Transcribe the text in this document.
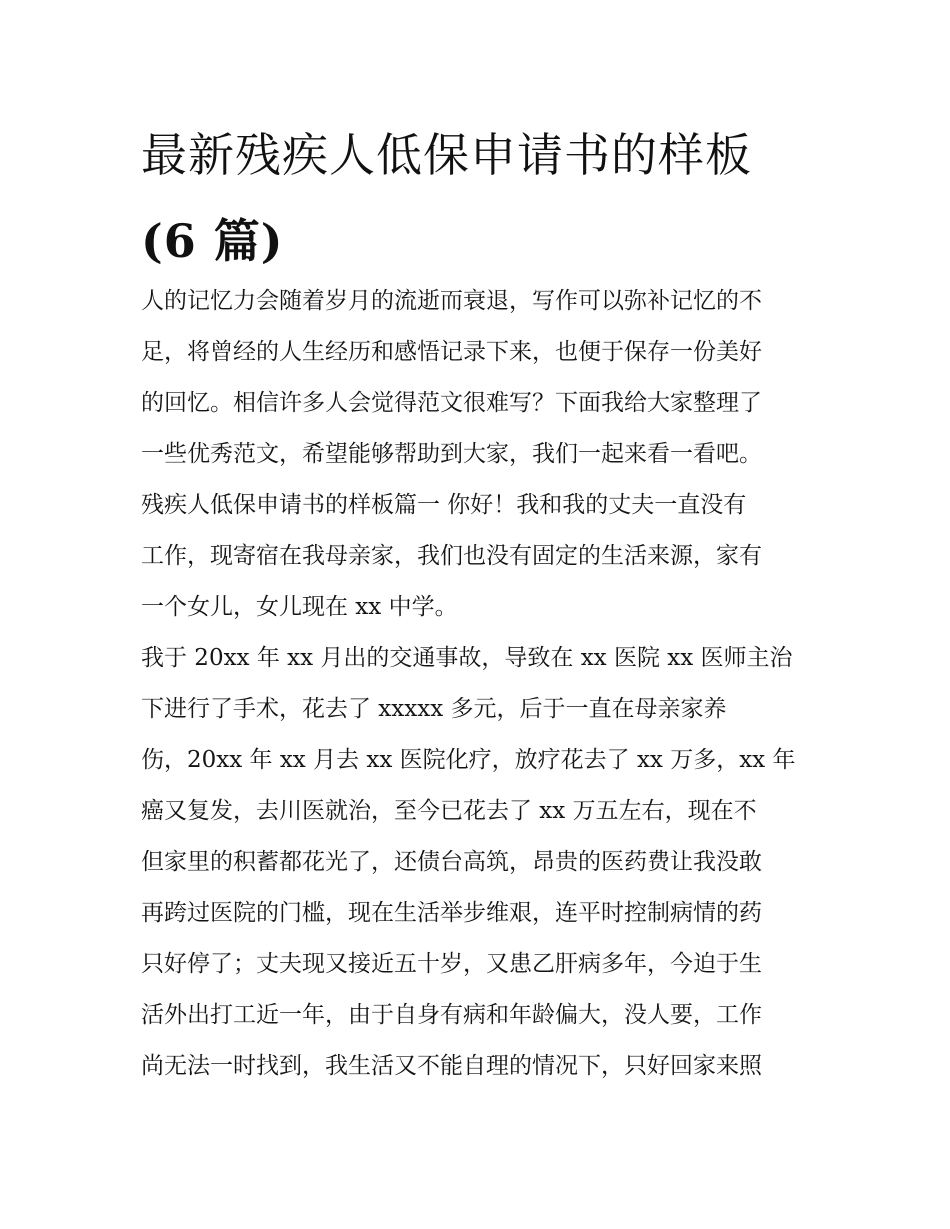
最新残疾人低保申请书的样板
(6 篇)
人的记忆力会随着岁月的流逝而衰退，写作可以弥补记忆的不
足，将曾经的人生经历和感悟记录下来，也便于保存一份美好
的回忆。相信许多人会觉得范文很难写？下面我给大家整理了
一些优秀范文，希望能够帮助到大家，我们一起来看一看吧。
残疾人低保申请书的样板篇一 你好！我和我的丈夫一直没有
工作，现寄宿在我母亲家，我们也没有固定的生活来源，家有
一个女儿，女儿现在 xx 中学。
我于 20xx 年 xx 月出的交通事故，导致在 xx 医院 xx 医师主治
下进行了手术，花去了 xxxxx 多元，后于一直在母亲家养
伤，20xx 年 xx 月去 xx 医院化疗，放疗花去了 xx 万多，xx 年
癌又复发，去川医就治，至今已花去了 xx 万五左右，现在不
但家里的积蓄都花光了，还债台高筑，昂贵的医药费让我没敢
再跨过医院的门槛，现在生活举步维艰，连平时控制病情的药
只好停了；丈夫现又接近五十岁，又患乙肝病多年，今迫于生
活外出打工近一年，由于自身有病和年龄偏大，没人要，工作
尚无法一时找到，我生活又不能自理的情况下，只好回家来照
